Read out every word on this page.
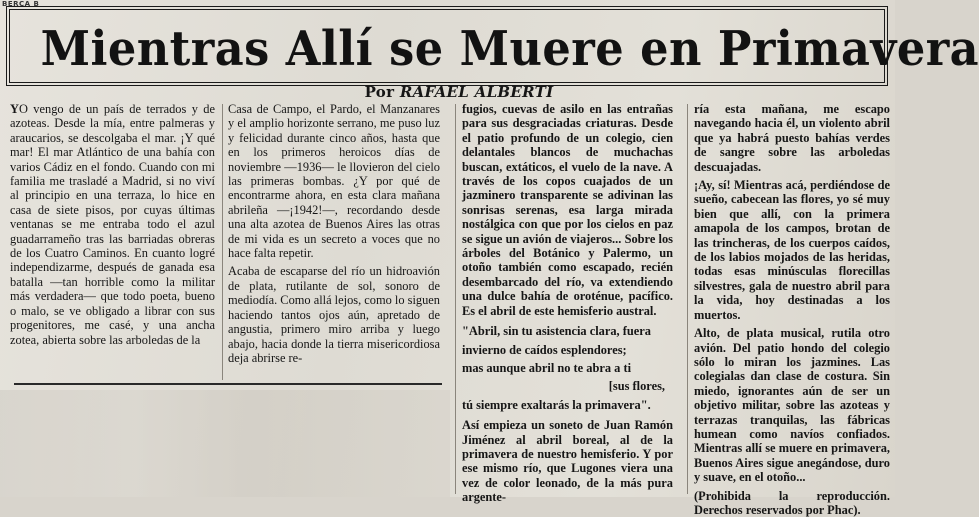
BERCA B
Mientras Allí se Muere en Primavera
Por RAFAEL ALBERTI

YO vengo de un país de terrados y de azoteas. Desde la mía, entre palmeras y araucarios, se descolgaba el mar. ¡Y qué mar! El mar Atlántico de una bahía con varios Cádiz en el fondo. Cuando con mi familia me trasladé a Madrid, si no viví al principio en una terraza, lo hice en casa de siete pisos, por cuyas últimas ventanas se me entraba todo el azul guadarrameño tras las barriadas obreras de los Cuatro Caminos. En cuanto logré independizarme, después de ganada esa batalla —tan horrible como la militar más verdadera— que todo poeta, bueno o malo, se ve obligado a librar con sus progenitores, me casé, y una ancha zotea, abierta sobre las arboledas de la

Casa de Campo, el Pardo, el Manzanares y el amplio horizonte serrano, me puso luz y felicidad durante cinco años, hasta que en los primeros heroicos días de noviembre —1936— le llovieron del cielo las primeras bombas. ¿Y por qué de encontrarme ahora, en esta clara mañana abrileña —¡1942!—, recordando desde una alta azotea de Buenos Aires las otras de mi vida es un secreto a voces que no hace falta repetir.

Acaba de escaparse del río un hidroavión de plata, rutilante de sol, sonoro de mediodía. Como allá lejos, como lo siguen haciendo tantos ojos aún, apretado de angustia, primero miro arriba y luego abajo, hacia donde la tierra misericordiosa deja abrirse re-

fugios, cuevas de asilo en las entrañas para sus desgraciadas criaturas. Desde el patio profundo de un colegio, cien delantales blancos de muchachas buscan, extáticos, el vuelo de la nave. A través de los copos cuajados de un jazminero transparente se adivinan las sonrisas serenas, esa larga mirada nostálgica con que por los cielos en paz se sigue un avión de viajeros... Sobre los árboles del Botánico y Palermo, un otoño también como escapado, recién desembarcado del río, va extendiendo una dulce bahía de oroténue, pacífico. Es el abril de este hemisferio austral.

"Abril, sin tu asistencia clara, fuera

invierno de caídos esplendores;

mas aunque abril no te abra a ti

[sus flores,

tú siempre exaltarás la primavera".

Así empieza un soneto de Juan Ramón Jiménez al abril boreal, al de la primavera de nuestro hemisferio. Y por ese mismo río, que Lugones viera una vez de color leonado, de la más pura argente-

ría esta mañana, me escapo navegando hacia él, un violento abril que ya habrá puesto bahías verdes de sangre sobre las arboledas descuajadas.

¡Ay, sí! Mientras acá, perdiéndose de sueño, cabecean las flores, yo sé muy bien que allí, con la primera amapola de los campos, brotan de las trincheras, de los cuerpos caídos, de los labios mojados de las heridas, todas esas minúsculas florecillas silvestres, gala de nuestro abril para la vida, hoy destinadas a los muertos.

Alto, de plata musical, rutila otro avión. Del patio hondo del colegio sólo lo miran los jazmines. Las colegialas dan clase de costura. Sin miedo, ignorantes aún de ser un objetivo militar, sobre las azoteas y terrazas tranquilas, las fábricas humean como navíos confiados. Mientras allí se muere en primavera, Buenos Aires sigue anegándose, duro y suave, en el otoño...

(Prohibida la reproducción. Derechos reservados por Phac).
